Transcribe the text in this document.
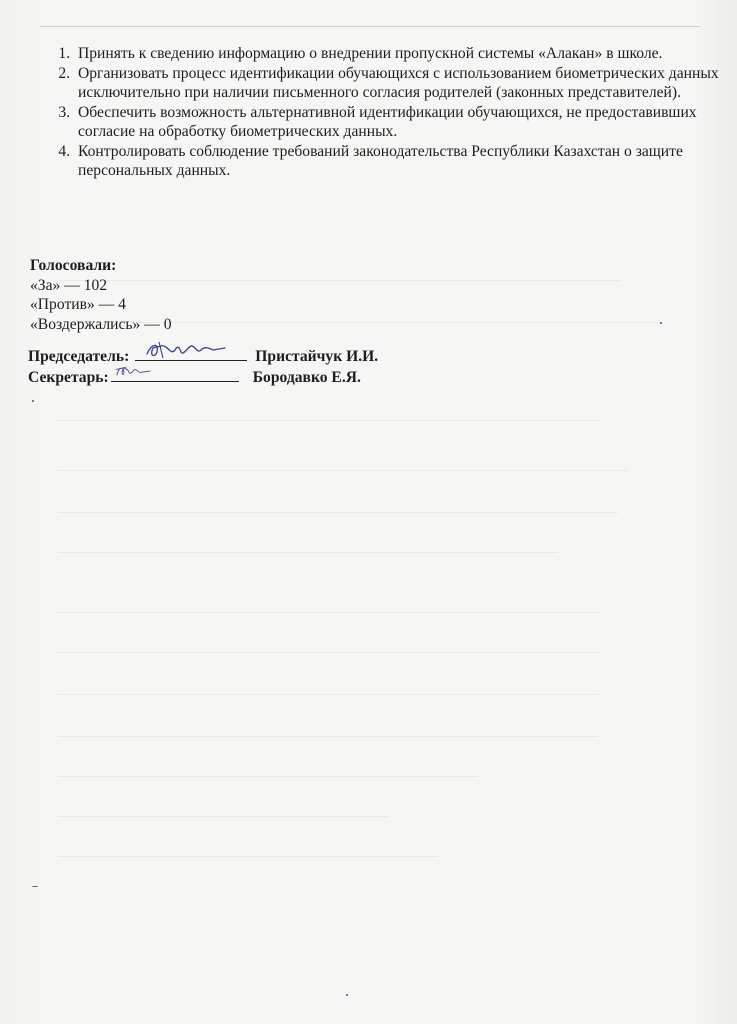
1. Принять к сведению информацию о внедрении пропускной системы «Алакан» в школе.
2. Организовать процесс идентификации обучающихся с использованием биометрических данных исключительно при наличии письменного согласия родителей (законных представителей).
3. Обеспечить возможность альтернативной идентификации обучающихся, не предоставивших согласие на обработку биометрических данных.
4. Контролировать соблюдение требований законодательства Республики Казахстан о защите персональных данных.
Голосовали:
«За» — 102
«Против» — 4
«Воздержались» — 0
Председатель:	Пристайчук И.И.
Секретарь:	Бородавко Е.Я.
